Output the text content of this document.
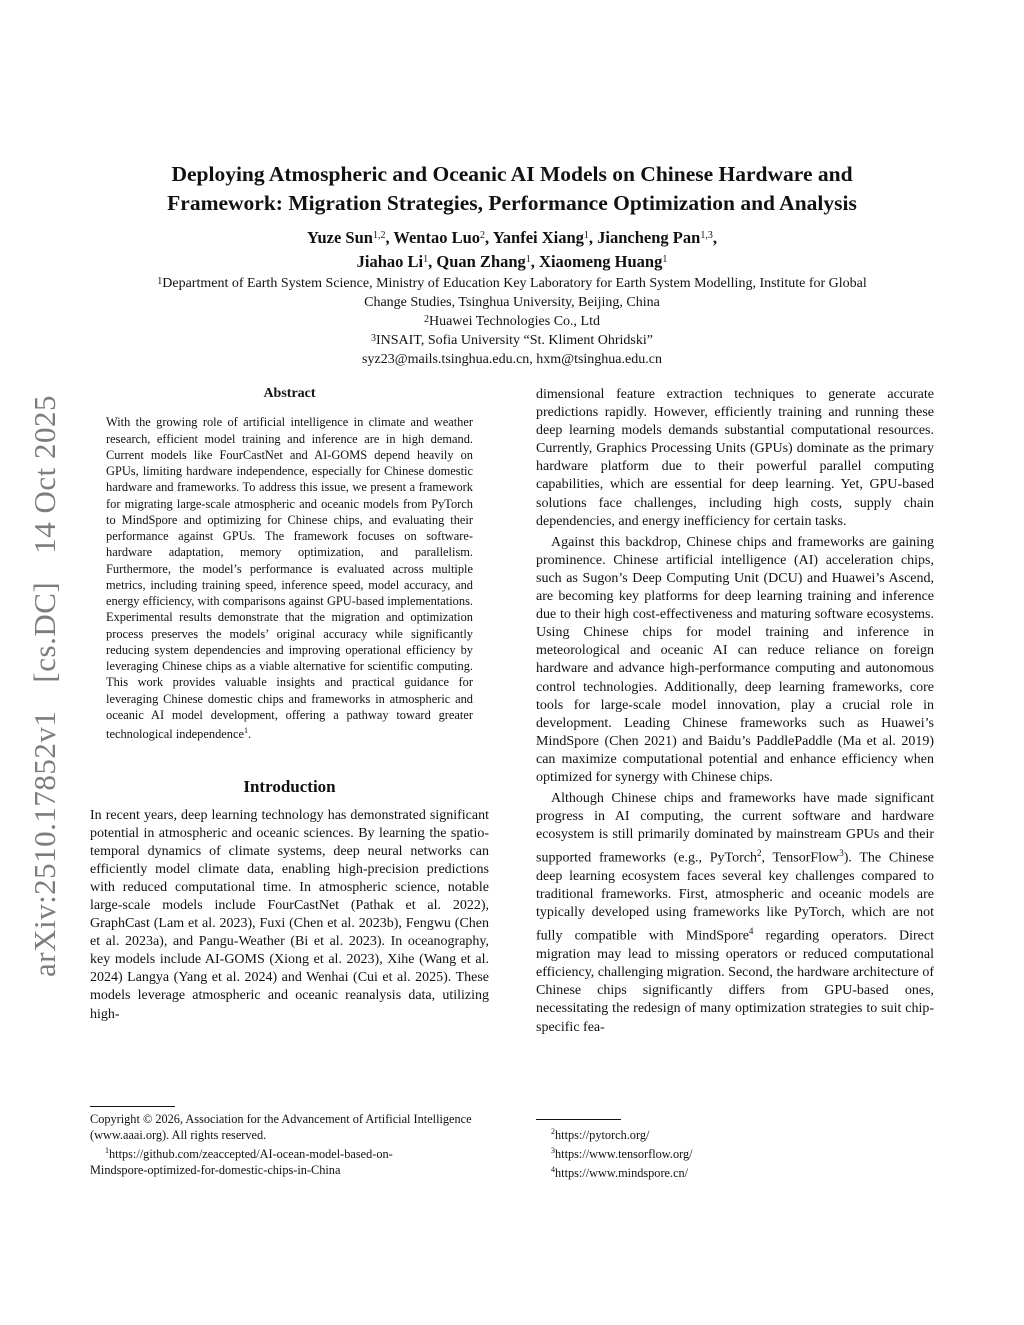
arXiv:2510.17852v1[cs.DC]14 Oct 2025
Deploying Atmospheric and Oceanic AI Models on Chinese Hardware and
Framework: Migration Strategies, Performance Optimization and Analysis
Yuze Sun$^{1,2}$, Wentao Luo$^2$, Yanfei Xiang$^1$, Jiancheng Pan$^{1,3}$,
Jiahao Li$^1$, Quan Zhang$^1$, Xiaomeng Huang$^1$
$^1$Department of Earth System Science, Ministry of Education Key Laboratory for Earth System Modelling, Institute for Global
Change Studies, Tsinghua University, Beijing, China
$^2$Huawei Technologies Co., Ltd
$^3$INSAIT, Sofia University “St. Kliment Ohridski”
syz23@mails.tsinghua.edu.cn, hxm@tsinghua.edu.cn
Abstract

With the growing role of artificial intelligence in climate and weather research, efficient model training and inference are in high demand. Current models like FourCastNet and AI-GOMS depend heavily on GPUs, limiting hardware independence, especially for Chinese domestic hardware and frameworks. To address this issue, we present a framework for migrating large-scale atmospheric and oceanic models from PyTorch to MindSpore and optimizing for Chinese chips, and evaluating their performance against GPUs. The framework focuses on software-hardware adaptation, memory optimization, and parallelism. Furthermore, the model’s performance is evaluated across multiple metrics, including training speed, inference speed, model accuracy, and energy efficiency, with comparisons against GPU-based implementations. Experimental results demonstrate that the migration and optimization process preserves the models’ original accuracy while significantly reducing system dependencies and improving operational efficiency by leveraging Chinese chips as a viable alternative for scientific computing. This work provides valuable insights and practical guidance for leveraging Chinese domestic chips and frameworks in atmospheric and oceanic AI model development, offering a pathway toward greater technological independence$^1$.

Introduction

In recent years, deep learning technology has demonstrated significant potential in atmospheric and oceanic sciences. By learning the spatio-temporal dynamics of climate systems, deep neural networks can efficiently model climate data, enabling high-precision predictions with reduced computational time. In atmospheric science, notable large-scale models include FourCastNet (Pathak et al. 2022), GraphCast (Lam et al. 2023), Fuxi (Chen et al. 2023b), Fengwu (Chen et al. 2023a), and Pangu-Weather (Bi et al. 2023). In oceanography, key models include AI-GOMS (Xiong et al. 2023), Xihe (Wang et al. 2024) Langya (Yang et al. 2024) and Wenhai (Cui et al. 2025). These models leverage atmospheric and oceanic reanalysis data, utilizing high-

dimensional feature extraction techniques to generate accurate predictions rapidly. However, efficiently training and running these deep learning models demands substantial computational resources. Currently, Graphics Processing Units (GPUs) dominate as the primary hardware platform due to their powerful parallel computing capabilities, which are essential for deep learning. Yet, GPU-based solutions face challenges, including high costs, supply chain dependencies, and energy inefficiency for certain tasks.

Against this backdrop, Chinese chips and frameworks are gaining prominence. Chinese artificial intelligence (AI) acceleration chips, such as Sugon’s Deep Computing Unit (DCU) and Huawei’s Ascend, are becoming key platforms for deep learning training and inference due to their high cost-effectiveness and maturing software ecosystems. Using Chinese chips for model training and inference in meteorological and oceanic AI can reduce reliance on foreign hardware and advance high-performance computing and autonomous control technologies. Additionally, deep learning frameworks, core tools for large-scale model innovation, play a crucial role in development. Leading Chinese frameworks such as Huawei’s MindSpore (Chen 2021) and Baidu’s PaddlePaddle (Ma et al. 2019) can maximize computational potential and enhance efficiency when optimized for synergy with Chinese chips.

Although Chinese chips and frameworks have made significant progress in AI computing, the current software and hardware ecosystem is still primarily dominated by mainstream GPUs and their supported frameworks (e.g., PyTorch$^2$, TensorFlow$^3$). The Chinese deep learning ecosystem faces several key challenges compared to traditional frameworks. First, atmospheric and oceanic models are typically developed using frameworks like PyTorch, which are not fully compatible with MindSpore$^4$ regarding operators. Direct migration may lead to missing operators or reduced computational efficiency, challenging migration. Second, the hardware architecture of Chinese chips significantly differs from GPU-based ones, necessitating the redesign of many optimization strategies to suit chip-specific fea-

Copyright © 2026, Association for the Advancement of Artificial Intelligence (www.aaai.org). All rights reserved.

$^1$https://github.com/zeaccepted/AI-ocean-model-based-on-

Mindspore-optimized-for-domestic-chips-in-China

$^2$https://pytorch.org/

$^3$https://www.tensorflow.org/

$^4$https://www.mindspore.cn/
